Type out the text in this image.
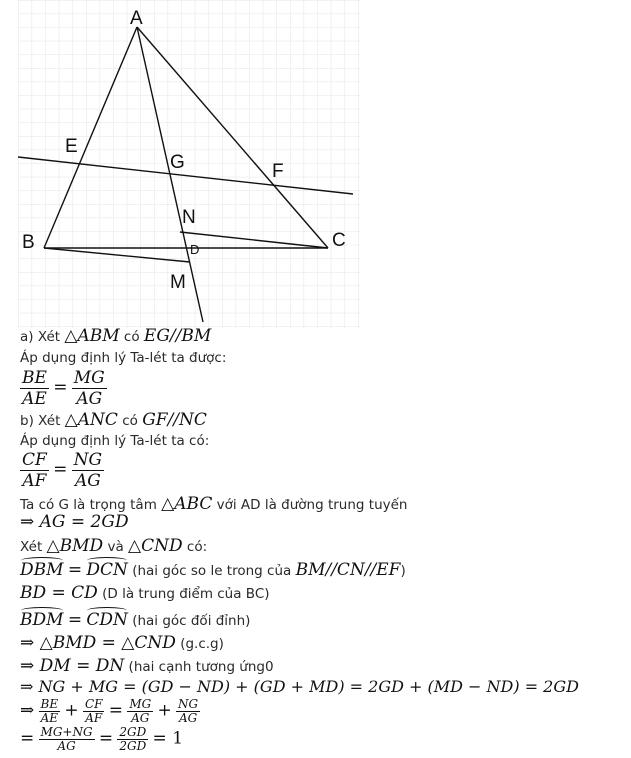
A
B	C
E
F
G
N
D
M
a) Xét △ABM có EG//BM
Áp dụng định lý Ta-lét ta được:
$\frac{BE}{AE} = \frac{MG}{AG}$
b) Xét △ANC có GF//NC
Áp dụng định lý Ta-lét ta có:
$\frac{CF}{AF} = \frac{NG}{AG}$
Ta có G là trọng tâm △ABC với AD là đường trung tuyến
⇒ AG = 2GD
Xét △BMD và △CND có:
DBM = DCN (hai góc so le trong của BM//CN//EF)
BD = CD (D là trung điểm của BC)
BDM = CDN (hai góc đối đỉnh)
⇒ △BMD = △CND (g.c.g)
⇒ DM = DN (hai cạnh tương ứng0
⇒ NG + MG = (GD − ND) + (GD + MD) = 2GD + (MD − ND) = 2GD
⇒ $\frac{BE}{AE} + \frac{CF}{AF} = \frac{MG}{AG} + \frac{NG}{AG}$
= $\frac{MG+NG}{AG} = \frac{2GD}{2GD} = 1$
